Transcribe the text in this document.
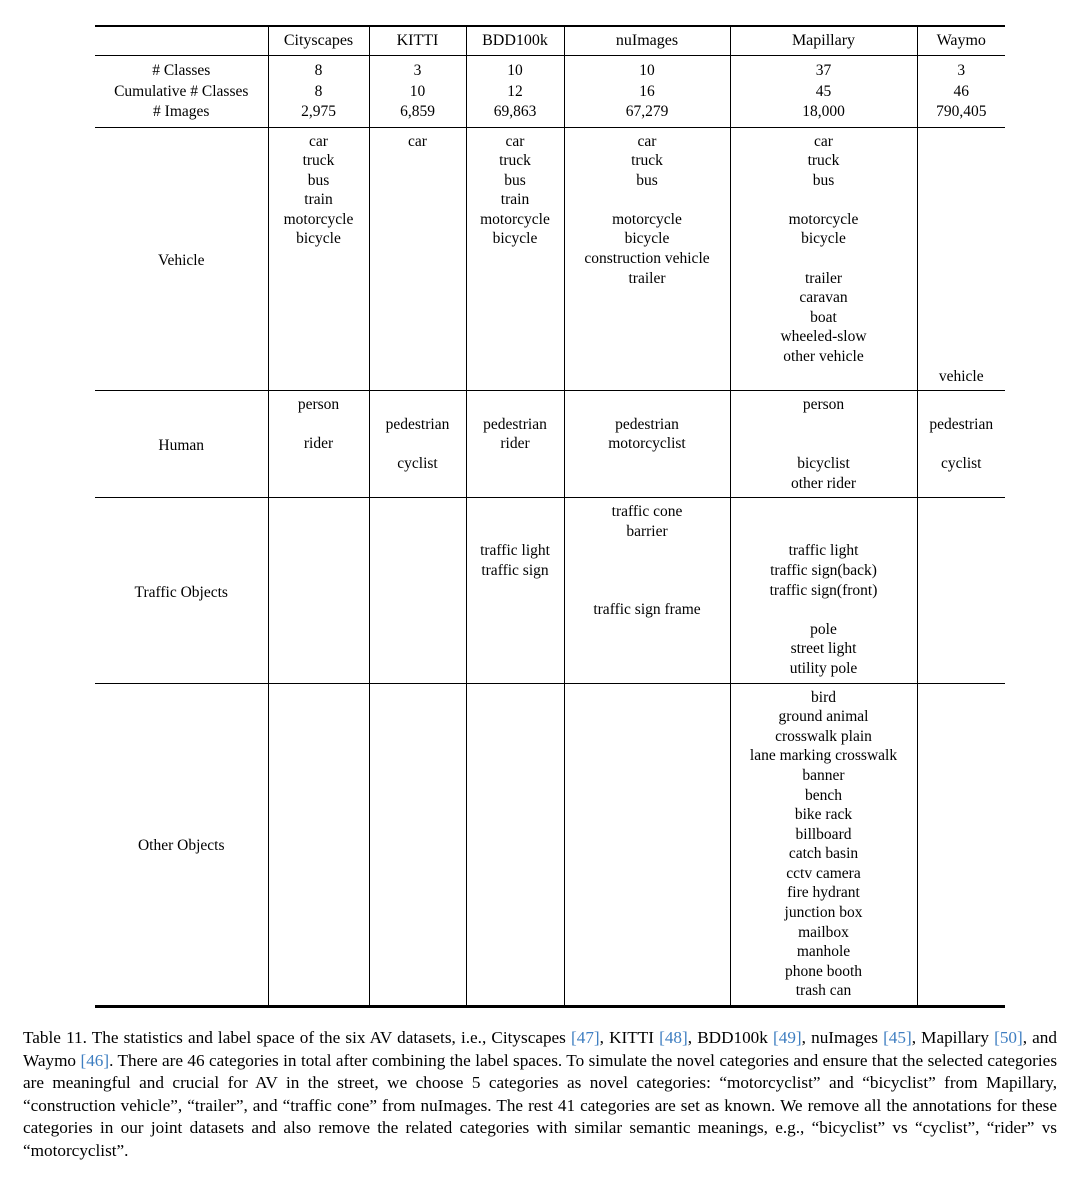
	Cityscapes	KITTI	BDD100k	nuImages	Mapillary	Waymo
# Classes	8	3	10	10	37	3
Cumulative # Classes	8	10	12	16	45	46
# Images	2,975	6,859	69,863	67,279	18,000	790,405
Vehicle	car	car	car	car	car	
	truck		truck	truck	truck	
	bus		bus	bus	bus	
	train		train			
	motorcycle		motorcycle	motorcycle	motorcycle	
	bicycle		bicycle	bicycle	bicycle	
				construction vehicle		
				trailer	trailer	
					caravan	
					boat	
					wheeled-slow	
					other vehicle	
						vehicle
Human	person				person	
		pedestrian	pedestrian	pedestrian		pedestrian
	rider		rider	motorcyclist		
		cyclist			bicyclist	cyclist
					other rider	
Traffic Objects				traffic cone		
				barrier		
			traffic light		traffic light	
			traffic sign		traffic sign(back)	
					traffic sign(front)	
				traffic sign frame		
					pole	
					street light	
					utility pole	
Other Objects					bird	
					ground animal	
					crosswalk plain	
					lane marking crosswalk	
					banner	
					bench	
					bike rack	
					billboard	
					catch basin	
					cctv camera	
					fire hydrant	
					junction box	
					mailbox	
					manhole	
					phone booth	
					trash can	

Table 11. The statistics and label space of the six AV datasets, i.e., Cityscapes [47], KITTI [48], BDD100k [49], nuImages [45], Mapillary [50], and Waymo [46]. There are 46 categories in total after combining the label spaces. To simulate the novel categories and ensure that the selected categories are meaningful and crucial for AV in the street, we choose 5 categories as novel categories: “motorcyclist” and “bicyclist” from Mapillary, “construction vehicle”, “trailer”, and “traffic cone” from nuImages. The rest 41 categories are set as known. We remove all the annotations for these categories in our joint datasets and also remove the related categories with similar semantic meanings, e.g., “bicyclist” vs “cyclist”, “rider” vs “motorcyclist”.
